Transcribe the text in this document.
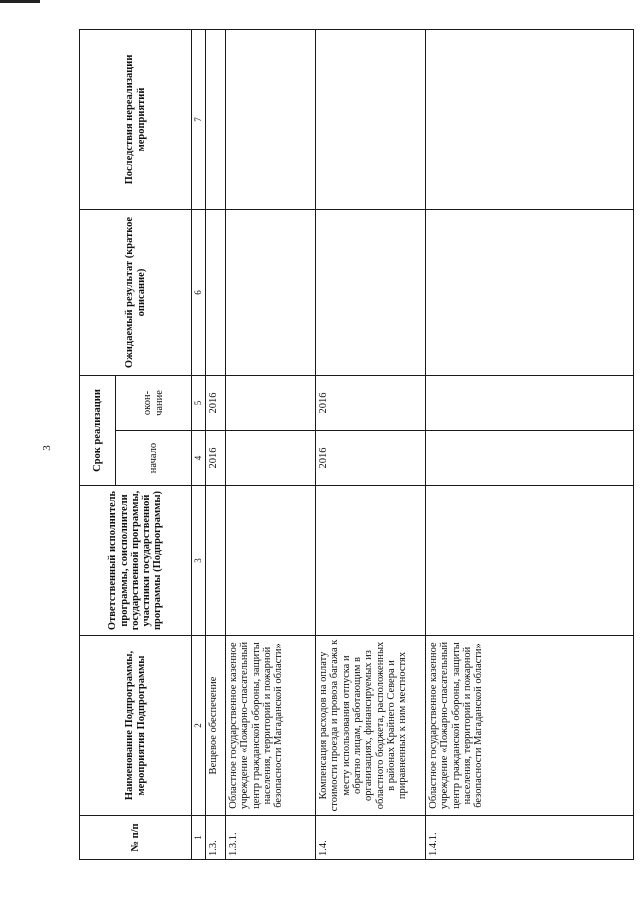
3
№ п/п	Наименование Подпрограммы, мероприятия Подпрограммы	Ответственный исполнитель программы, соисполнители государственной программы, участники государственной программы (Подпрограммы)	Срок реализации		Ожидаемый результат (краткое описание)	Последствия нереализации мероприятий
			начало	окон-чание		
1	2	3	4	5	6	7
1.3.	Вещевое обеспечение		2016	2016		
1.3.1.	Областное государственное казенное учреждение «Пожарно-спасательный центр гражданской обороны, защиты населения, территорий и пожарной безопасности Магаданской области»					
1.4.	Компенсация расходов на оплату стоимости проезда и провоза багажа к месту использования отпуска и обратно лицам, работающим в организациях, финансируемых из областного бюджета, расположенных в районах Крайнего Севера и приравненных к ним местностях		2016	2016		
1.4.1.	Областное государственное казенное учреждение «Пожарно-спасательный центр гражданской обороны, защиты населения, территорий и пожарной безопасности Магаданской области»					
